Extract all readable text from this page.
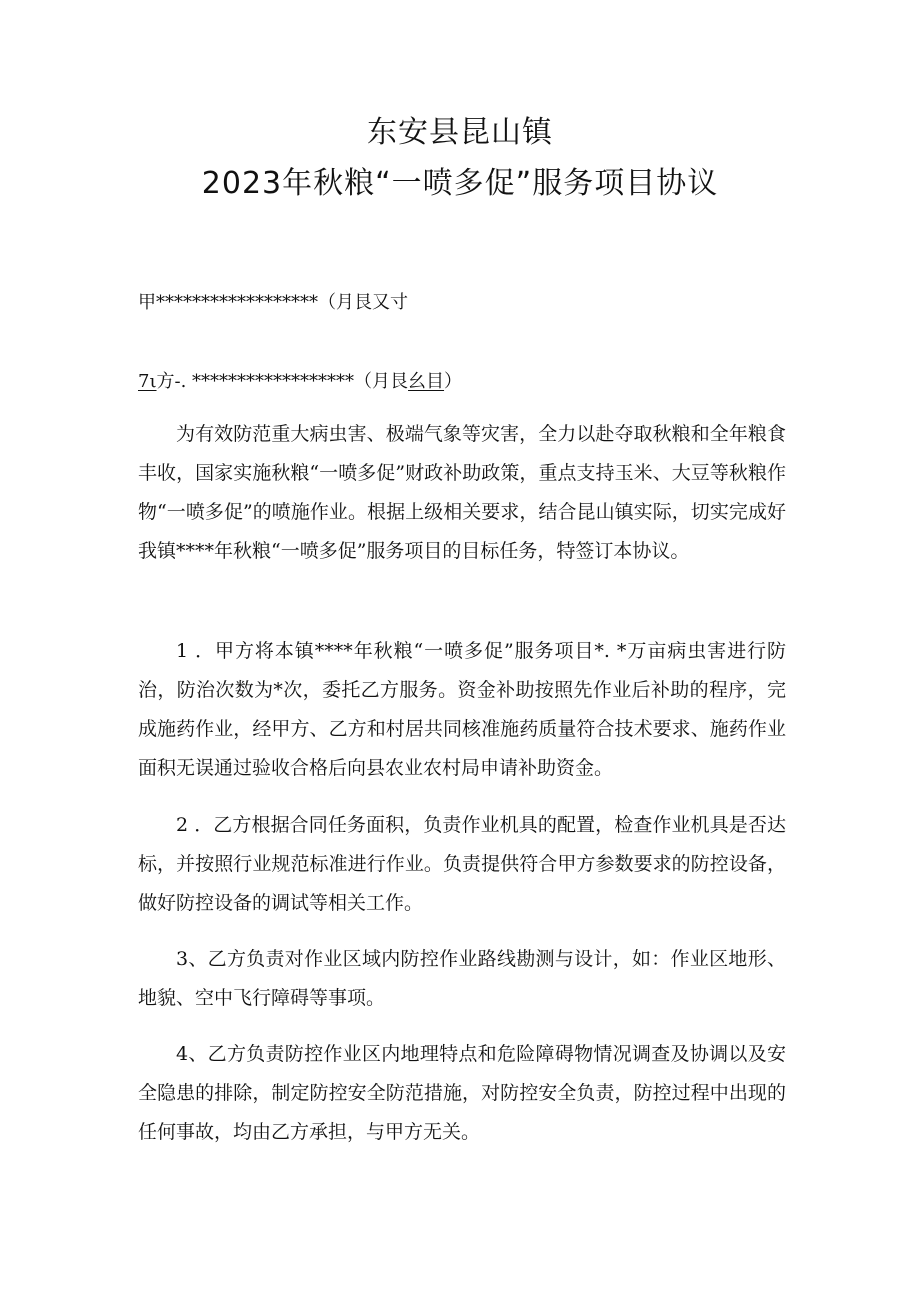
东安县昆山镇
2023年秋粮“一喷多促”服务项目协议
甲******************（月艮又寸
7ι方-. ******************（月艮幺目）

为有效防范重大病虫害、极端气象等灾害，全力以赴夺取秋粮和全年粮食丰收，国家实施秋粮“一喷多促”财政补助政策，重点支持玉米、大豆等秋粮作物“一喷多促”的喷施作业。根据上级相关要求，结合昆山镇实际，切实完成好我镇****年秋粮“一喷多促”服务项目的目标任务，特签订本协议。

1 ．甲方将本镇****年秋粮“一喷多促”服务项目*. *万亩病虫害进行防治，防治次数为*次，委托乙方服务。资金补助按照先作业后补助的程序，完成施药作业，经甲方、乙方和村居共同核准施药质量符合技术要求、施药作业面积无误通过验收合格后向县农业农村局申请补助资金。

2 ．乙方根据合同任务面积，负责作业机具的配置，检查作业机具是否达标，并按照行业规范标准进行作业。负责提供符合甲方参数要求的防控设备，做好防控设备的调试等相关工作。

3、乙方负责对作业区域内防控作业路线勘测与设计，如：作业区地形、地貌、空中飞行障碍等事项。

4、乙方负责防控作业区内地理特点和危险障碍物情况调查及协调以及安全隐患的排除，制定防控安全防范措施，对防控安全负责，防控过程中出现的任何事故，均由乙方承担，与甲方无关。
